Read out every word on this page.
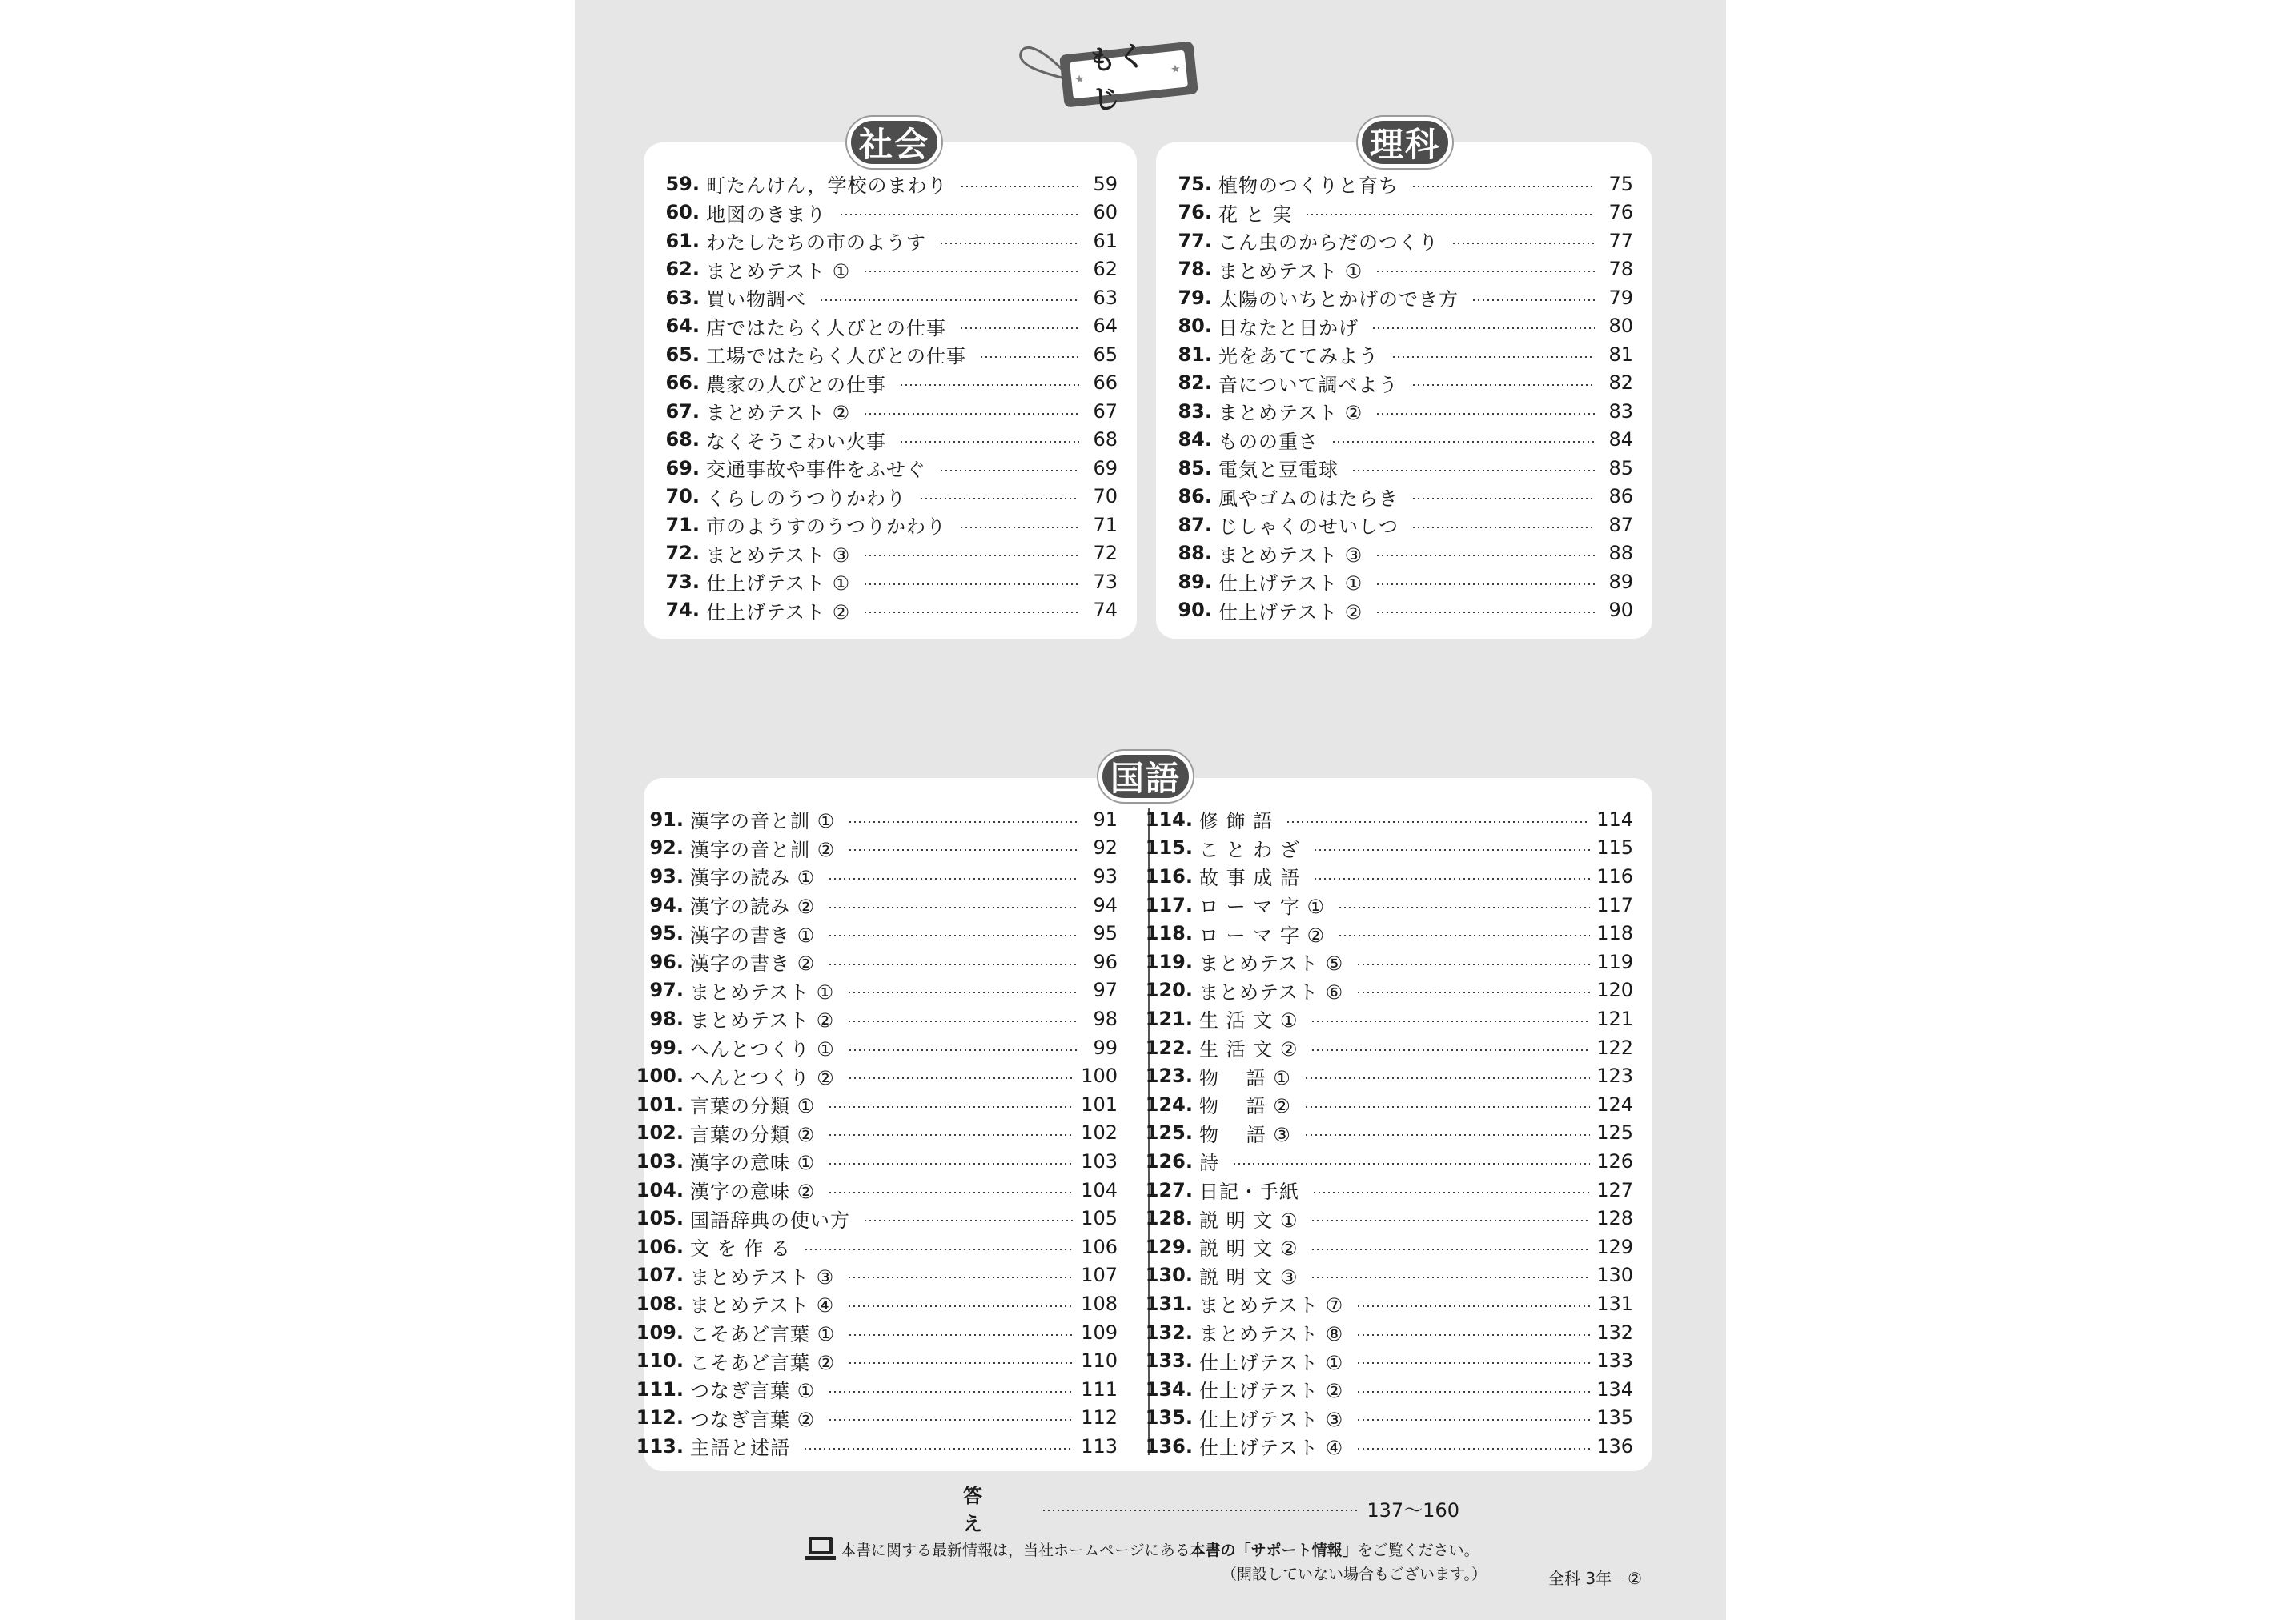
★
もくじ
★
社会
59. 町たんけん，学校のまわり	59
60. 地図のきまり	60
61. わたしたちの市のようす	61
62. まとめテスト ①	62
63. 買い物調べ	63
64. 店ではたらく人びとの仕事	64
65. 工場ではたらく人びとの仕事	65
66. 農家の人びとの仕事	66
67. まとめテスト ②	67
68. なくそうこわい火事	68
69. 交通事故や事件をふせぐ	69
70. くらしのうつりかわり	70
71. 市のようすのうつりかわり	71
72. まとめテスト ③	72
73. 仕上げテスト ①	73
74. 仕上げテスト ②	74
理科
75. 植物のつくりと育ち	75
76. 花 と 実	76
77. こん虫のからだのつくり	77
78. まとめテスト ①	78
79. 太陽のいちとかげのでき方	79
80. 日なたと日かげ	80
81. 光をあててみよう	81
82. 音について調べよう	82
83. まとめテスト ②	83
84. ものの重さ	84
85. 電気と豆電球	85
86. 風やゴムのはたらき	86
87. じしゃくのせいしつ	87
88. まとめテスト ③	88
89. 仕上げテスト ①	89
90. 仕上げテスト ②	90
国語
91. 漢字の音と訓 ①	91
92. 漢字の音と訓 ②	92
93. 漢字の読み ①	93
94. 漢字の読み ②	94
95. 漢字の書き ①	95
96. 漢字の書き ②	96
97. まとめテスト ①	97
98. まとめテスト ②	98
99. へんとつくり ①	99
100. へんとつくり ②	100
101. 言葉の分類 ①	101
102. 言葉の分類 ②	102
103. 漢字の意味 ①	103
104. 漢字の意味 ②	104
105. 国語辞典の使い方	105
106. 文 を 作 る	106
107. まとめテスト ③	107
108. まとめテスト ④	108
109. こそあど言葉 ①	109
110. こそあど言葉 ②	110
111. つなぎ言葉 ①	111
112. つなぎ言葉 ②	112
113. 主語と述語	113
114. 修 飾 語	114
115. こ と わ ざ	115
116. 故 事 成 語	116
117. ロ ー マ 字 ①	117
118. ロ ー マ 字 ②	118
119. まとめテスト ⑤	119
120. まとめテスト ⑥	120
121. 生 活 文 ①	121
122. 生 活 文 ②	122
123. 物　 語 ①	123
124. 物　 語 ②	124
125. 物　 語 ③	125
126. 詩	126
127. 日記・手紙	127
128. 説 明 文 ①	128
129. 説 明 文 ②	129
130. 説 明 文 ③	130
131. まとめテスト ⑦	131
132. まとめテスト ⑧	132
133. 仕上げテスト ①	133
134. 仕上げテスト ②	134
135. 仕上げテスト ③	135
136. 仕上げテスト ④	136
答 え
137〜160
本書に関する最新情報は，当社ホームページにある 本書の「サポート情報」 をご覧ください。
（開設していない場合もございます。）	全科 3年－②
